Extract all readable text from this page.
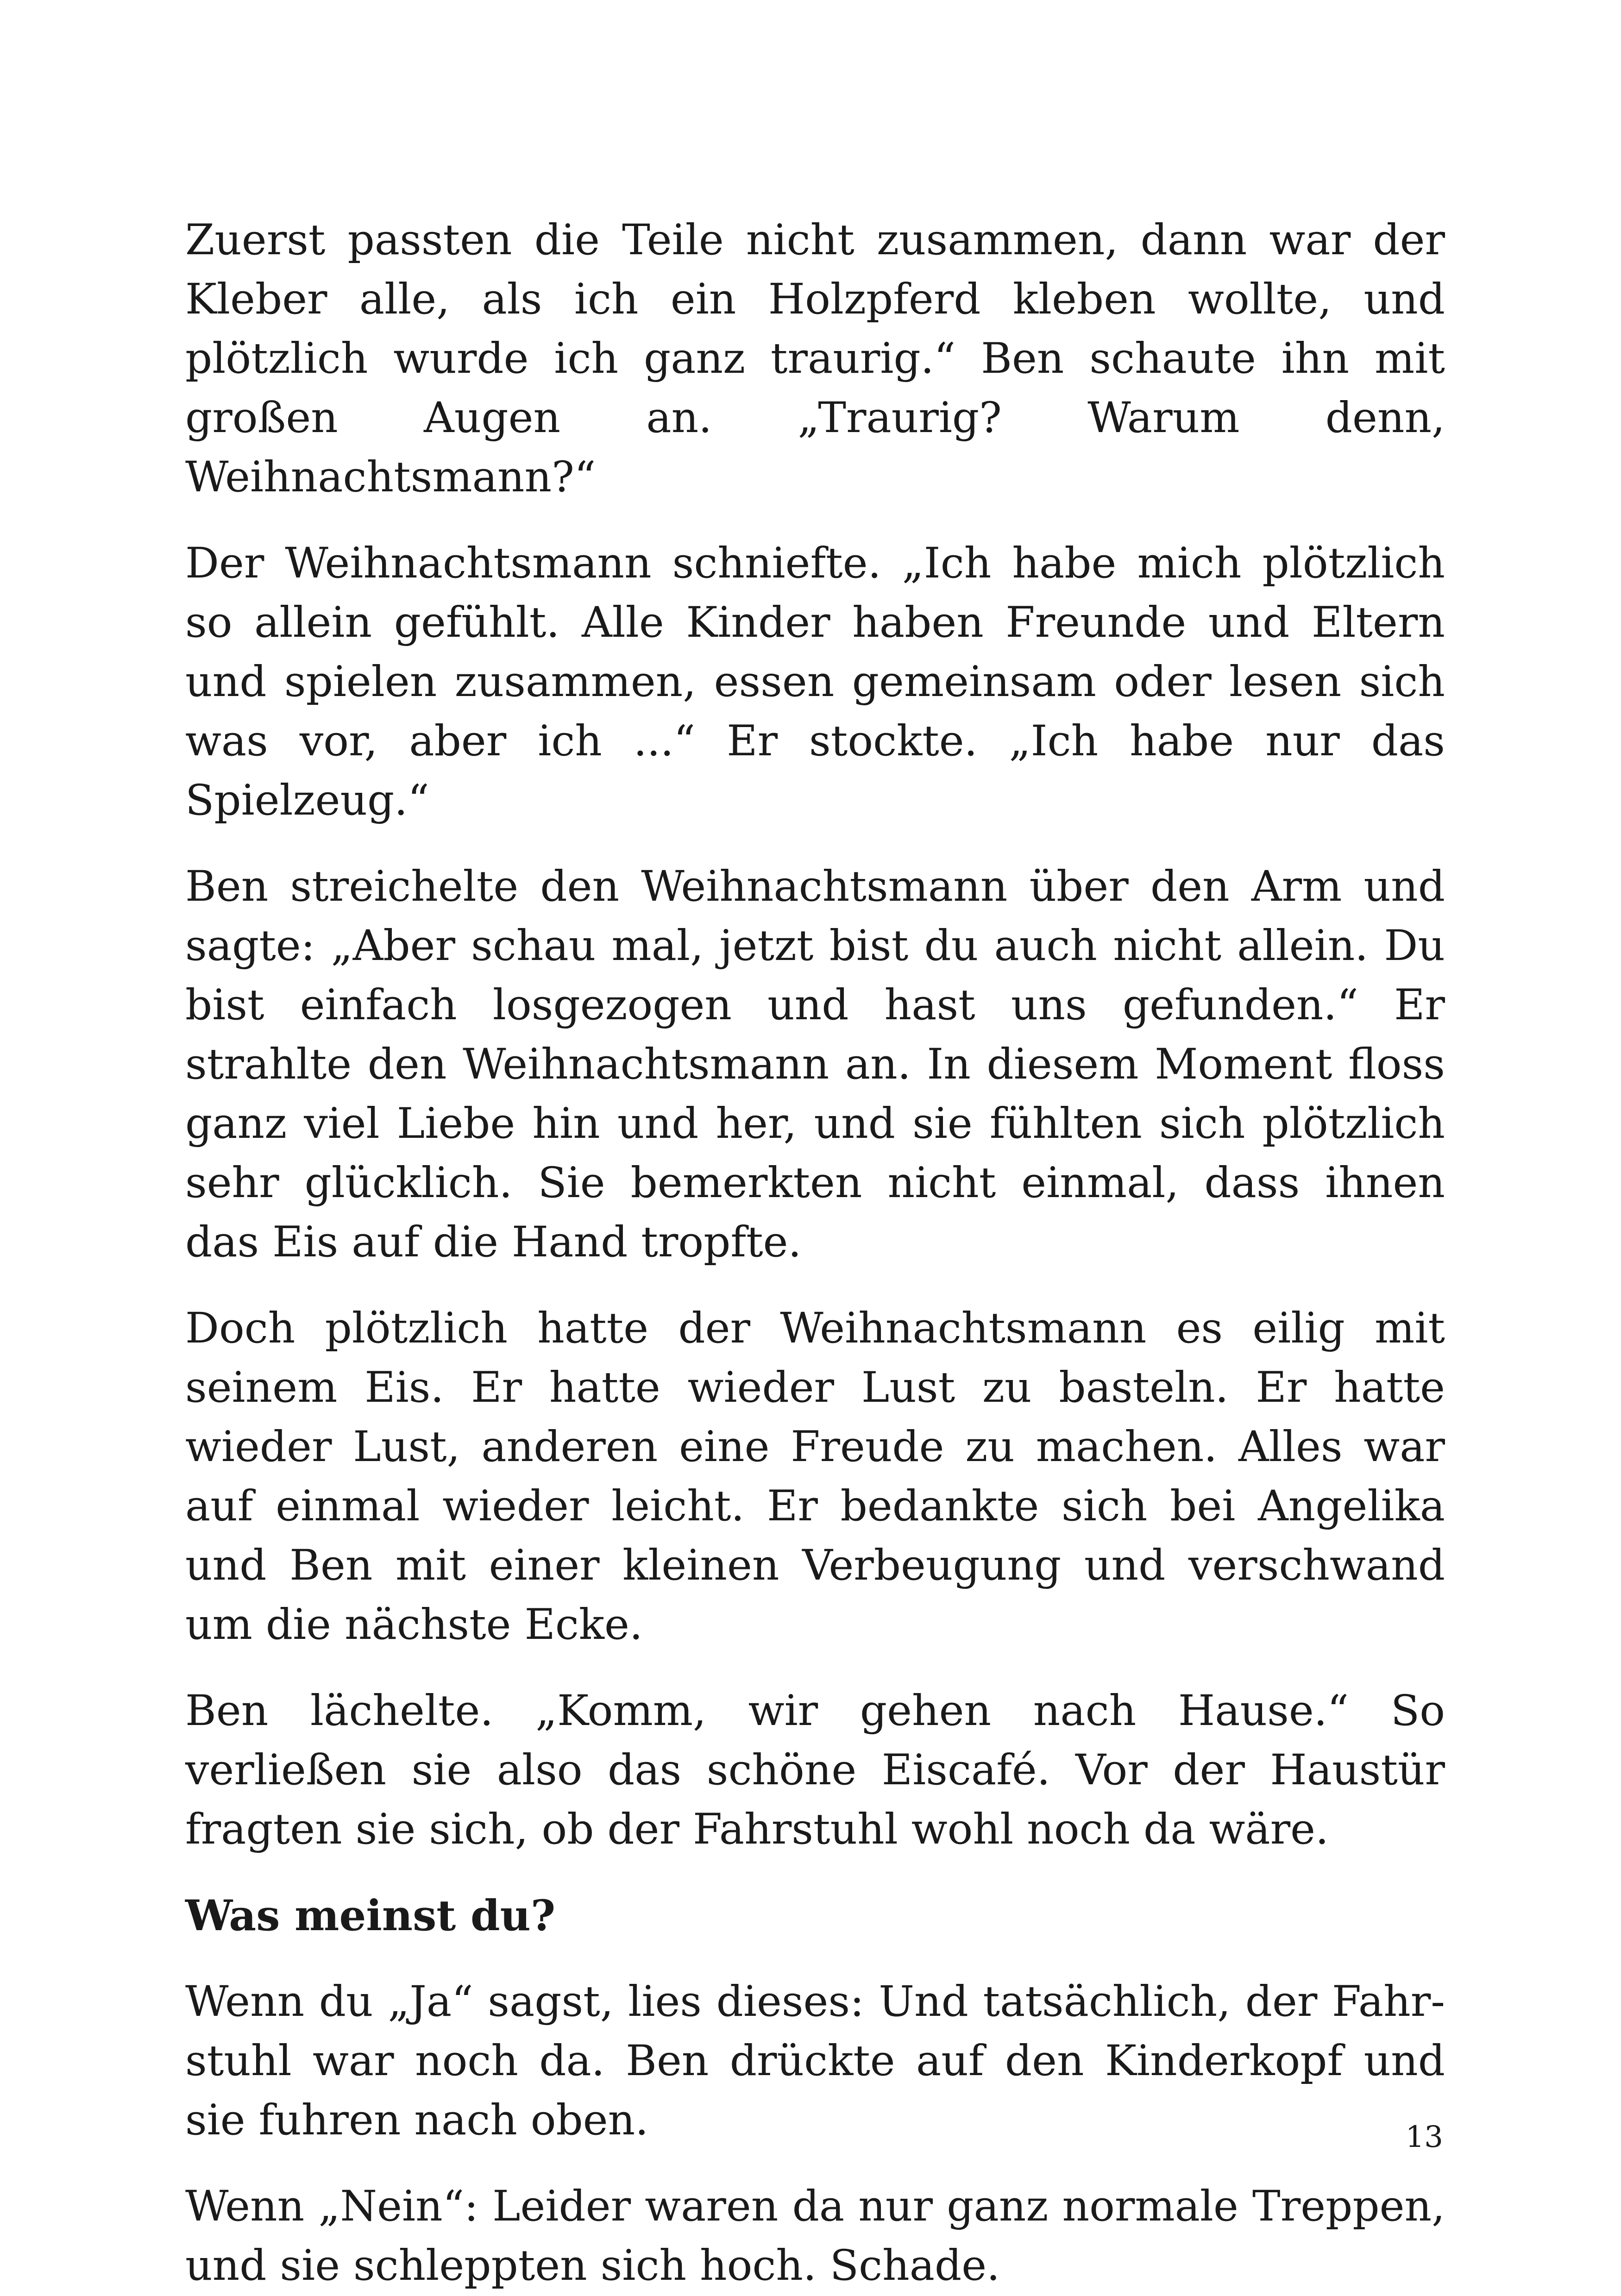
Zuerst passten die Teile nicht zusammen, dann war der Kleber alle, als ich ein Holzpferd kleben wollte, und plötzlich wurde ich ganz traurig.“ Ben schaute ihn mit großen Augen an. „Traurig? Warum denn, Weihnachtsmann?“

Der Weihnachtsmann schniefte. „Ich habe mich plötzlich so allein gefühlt. Alle Kinder haben Freunde und Eltern und spielen zusammen, essen gemeinsam oder lesen sich was vor, aber ich ...“ Er stockte. „Ich habe nur das Spielzeug.“

Ben streichelte den Weihnachtsmann über den Arm und sagte: „Aber schau mal, jetzt bist du auch nicht allein. Du bist einfach losgezogen und hast uns gefunden.“ Er strahlte den Weihnachtsmann an. In diesem Moment floss ganz viel Liebe hin und her, und sie fühlten sich plötzlich sehr glücklich. Sie bemerkten nicht einmal, dass ihnen das Eis auf die Hand tropfte.

Doch plötzlich hatte der Weihnachtsmann es eilig mit seinem Eis. Er hatte wieder Lust zu basteln. Er hatte wieder Lust, anderen eine Freude zu machen. Alles war auf einmal wieder leicht. Er bedankte sich bei Angelika und Ben mit einer kleinen Verbeugung und verschwand um die nächste Ecke.

Ben lächelte. „Komm, wir gehen nach Hause.“ So verließen sie also das schöne Eiscafé. Vor der Haustür fragten sie sich, ob der Fahrstuhl wohl noch da wäre.

Was meinst du?

Wenn du „Ja“ sagst, lies dieses: Und tatsächlich, der Fahrstuhl war noch da. Ben drückte auf den Kinderkopf und sie fuhren nach oben.

Wenn „Nein“: Leider waren da nur ganz normale Treppen, und sie schleppten sich hoch. Schade.

13
